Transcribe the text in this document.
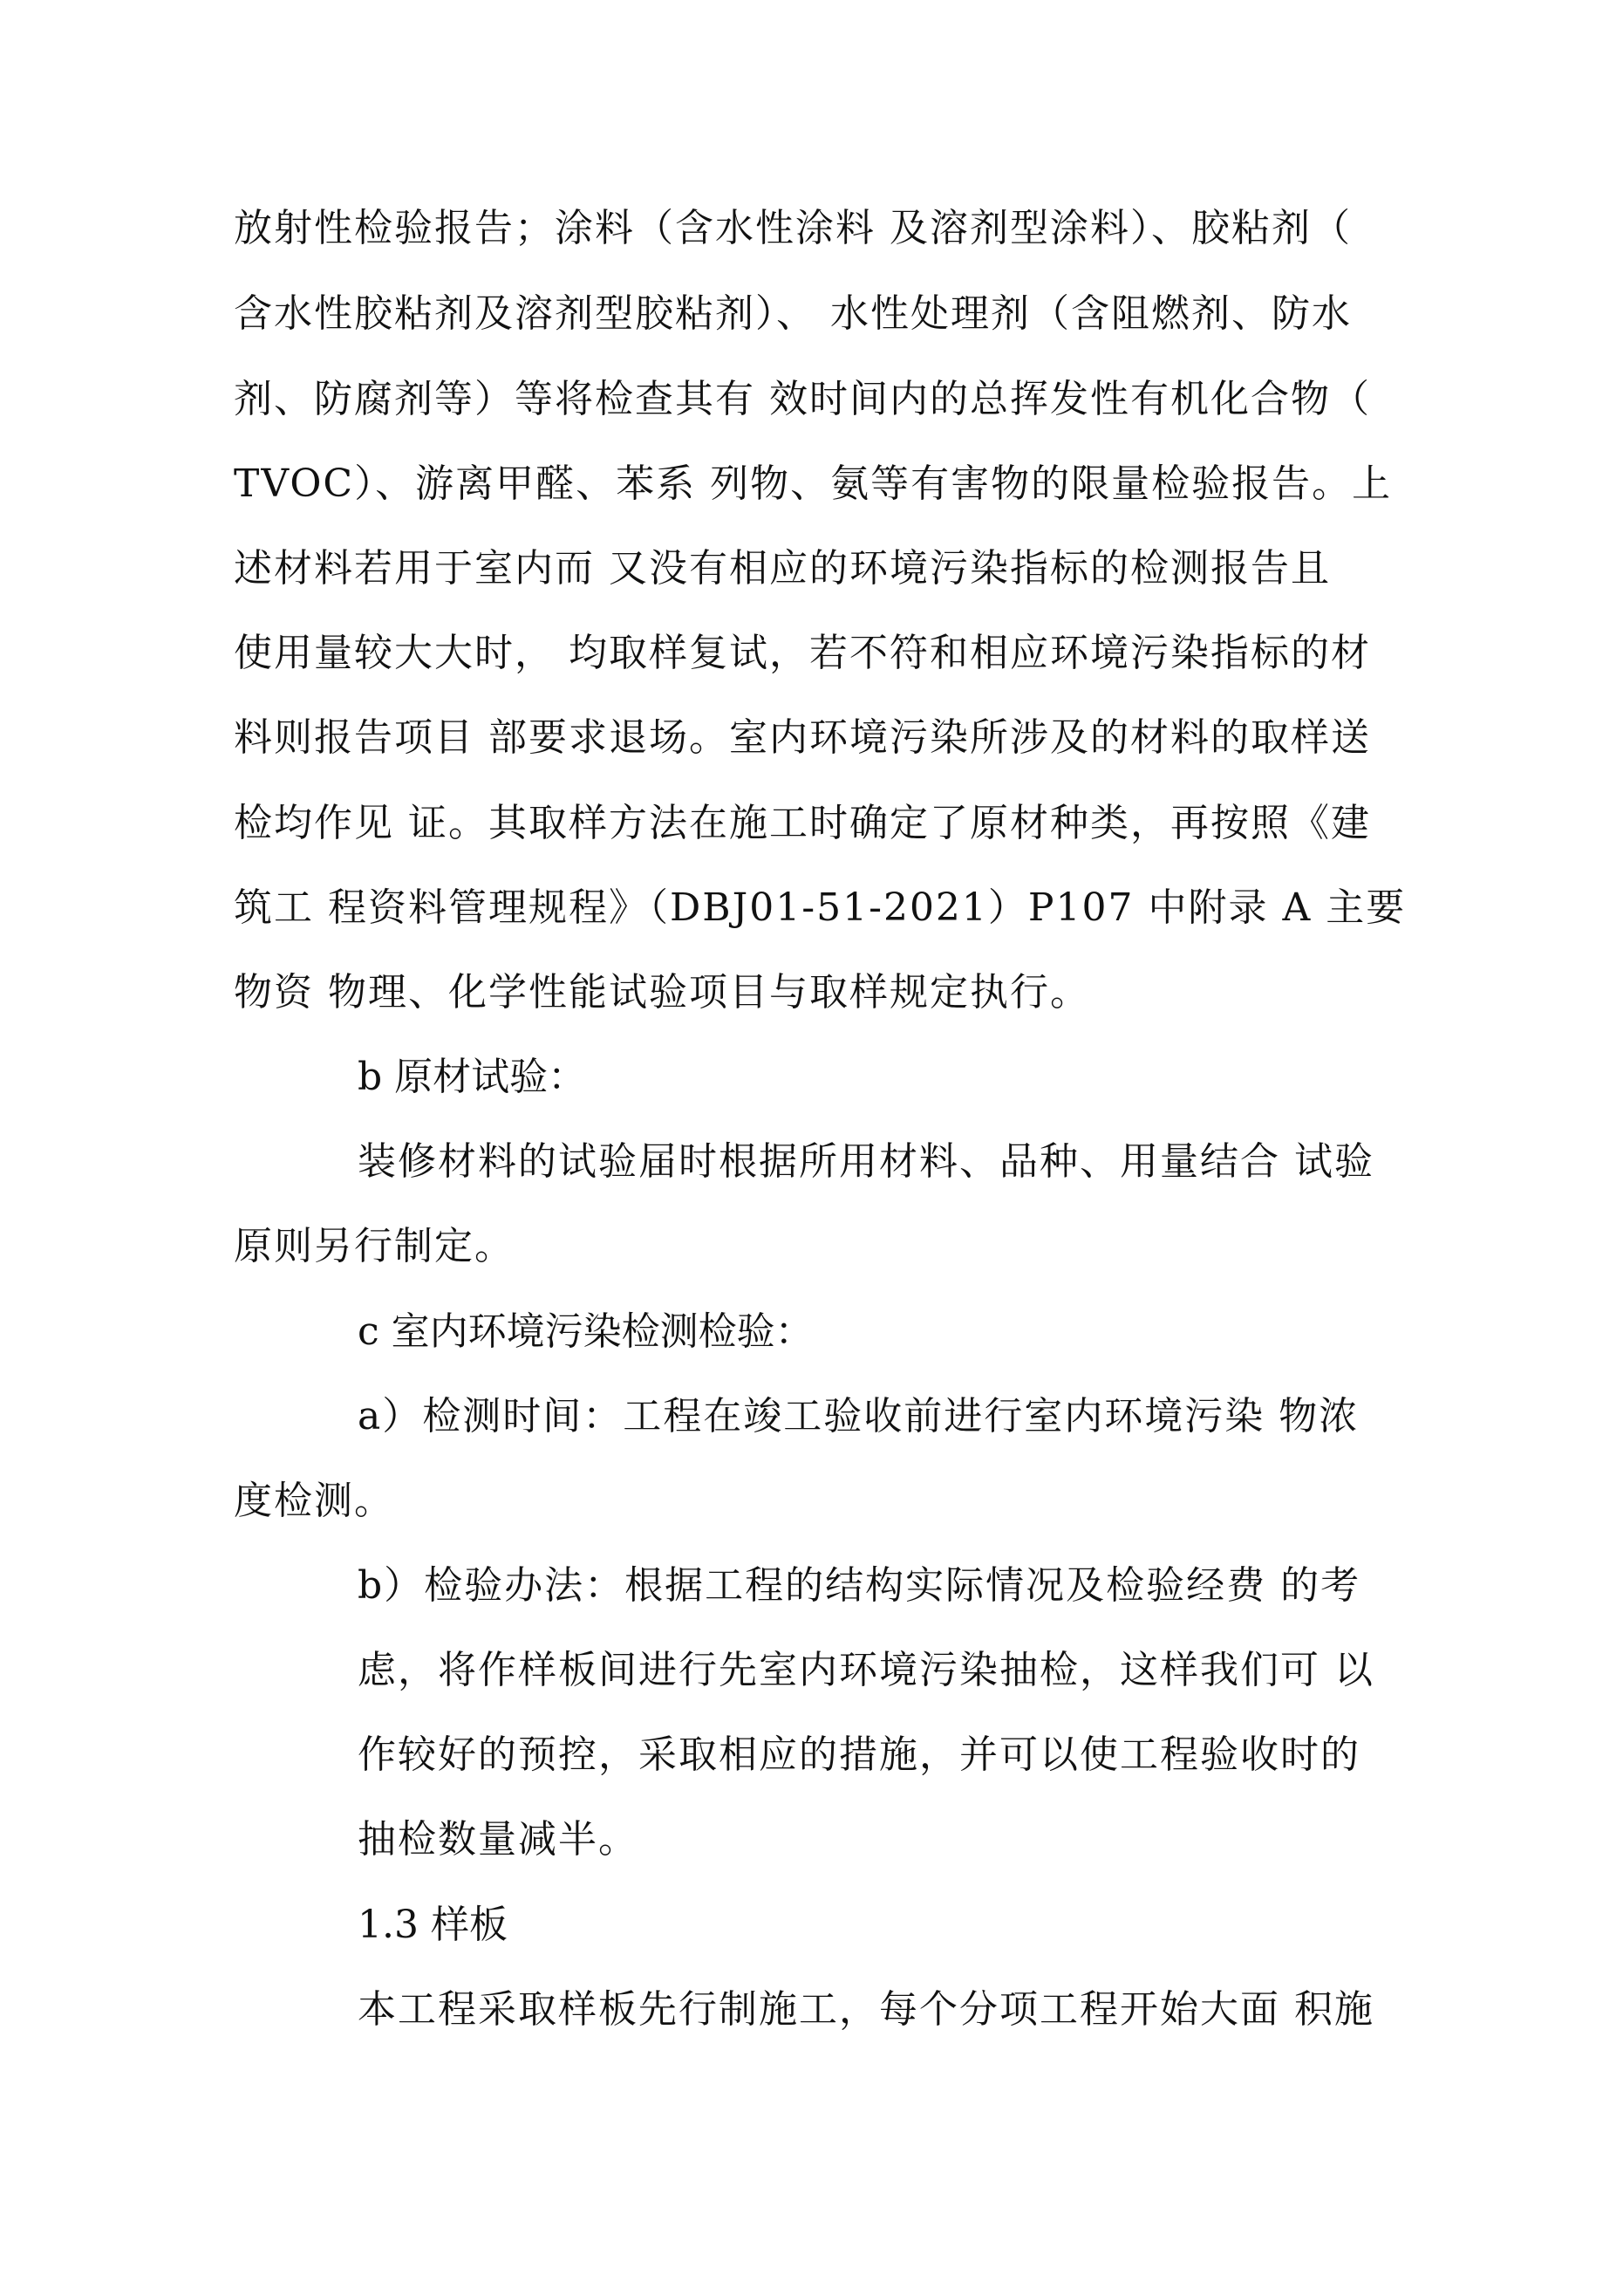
放射性检验报告；涂料（含水性涂料 及溶剂型涂料）、胶粘剂（
含水性胶粘剂及溶剂型胶粘剂）、 水性处理剂（含阻燃剂、防水
剂、防腐剂等）等将检查其有 效时间内的总挥发性有机化合物（
TVOC）、游离甲醛、苯系 列物、氨等有害物的限量检验报告。上
述材料若用于室内而 又没有相应的环境污染指标的检测报告且
使用量较大大时， 均取样复试，若不符和相应环境污染指标的材
料则报告项目 部要求退场。室内环境污染所涉及的材料的取样送
检均作见 证。其取样方法在施工时确定了原材种类，再按照《建
筑工 程资料管理规程》（DBJ01-51-2021）P107 中附录 A 主要
物资 物理、化学性能试验项目与取样规定执行。
b 原材试验：
装修材料的试验届时根据所用材料、品种、用量结合 试验
原则另行制定。
c 室内环境污染检测检验：
a）检测时间：工程在竣工验收前进行室内环境污染 物浓
度检测。
b）检验办法：根据工程的结构实际情况及检验经费 的考
虑，将作样板间进行先室内环境污染抽检，这样我们可 以
作较好的预控，采取相应的措施，并可以使工程验收时的
抽检数量减半。
1.3 样板
本工程采取样板先行制施工，每个分项工程开始大面 积施
